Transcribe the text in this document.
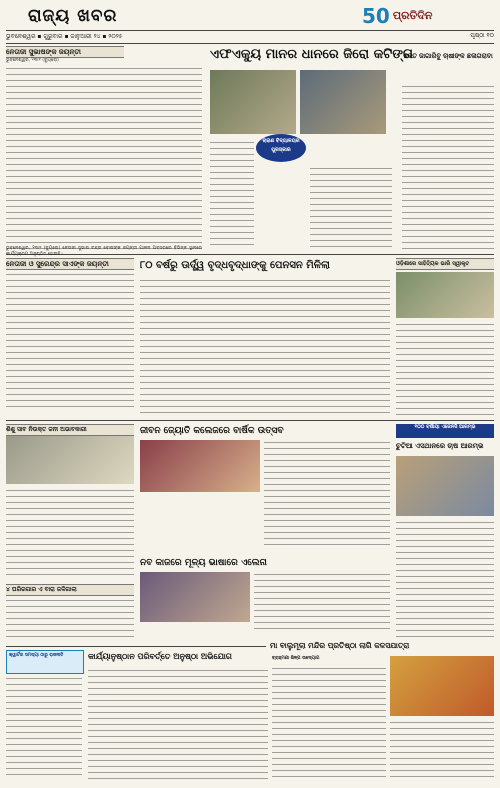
ରାଜ୍ୟ ଖବର	50 ପ୍ରତିଦିନ
ଭୁବନେଶ୍ୱର ▪ ଗୁରୁବାର ▪ ଜାନୁଆରୀ ୨୪ ▪ ୨୦୨୫	ପୃଷ୍ଠା ୧୦
ନେତାଜୀ ସୁଭାଷଙ୍କ ଜୟନ୍ତୀ
ଭୁବନେଶ୍ୱର, ୨୩ା୧ (ବ୍ୟୁରୋ)	ଏଫଏକ୍ୟୁ ମାନର ଧାନରେ ଜିରୋ କଟିଙ୍ଗ
ଚାରାଣ ବିଦ୍ୟାଳୟର ପୁରସ୍କାର
ଜବତ ଜାଗାରିବୁ ଚାଷୀଙ୍କ ଛଳାଗରାବା
ନେତାଜୀ ଓ ସୁରେନ୍ଦ୍ର ସାଏଙ୍କ ଜୟନ୍ତୀ	୮୦ ବର୍ଷରୁ ଊର୍ଦ୍ଧ୍ୱ ବୃଦ୍ଧବୃଦ୍ଧାଙ୍କୁ ପେନସନ ମିଳିଲା	ଓଡ଼ିଶାରେ ସାହିତ୍ୟିକ ଭାରି ସ୍ୱୀକୃତ
ଜୀବନ ଜ୍ୟୋତି କଲେଜରେ ବାର୍ଷିକ ଉତ୍ସବ
ଶିଶୁ ସାବ ନିଉକ୍ତ ଜନୀ ଅଭାବକାରୀ	୧୦୦ ବର୍ଷୀୟା ଏଜେନସି ଆରମ୍ଭ
ଚୁଟିଆ ଏସଥାନରେ ଚାଷ ଆରମ୍ଭ
ନବ କାଜରେ ମୂଳ୍ୟ ଭାଷାରେ ଏଲେନା
୪ ଘରିରଗାର ଏ ବାରା ଜଳିଗାଲା
ମା ବାଲୁମୂଲା ମନ୍ଦିର ପ୍ରତିଷ୍ଠା ଲାଗି କଳସଯାତ୍ରା
କ୍ୱାର୍ଟର ସମସ୍ୟା ଠାରୁ ରାଜନୀତି	କାର୍ଯ୍ୟାନୁଷ୍ଠାନ ପରିବର୍ତ୍ତେ ଅନୁଷ୍ଠା ଅଭିଯୋଗ	ବ୍ରାହ୍ମଣୀ ଶିଳ୍ପ ଉଦ୍ୟୋଗ
ଭୁବନେଶ୍ୱର, ୨୩ା୧ (ବ୍ୟୁରୋ) ନେତାଜୀ ସୁଭାଷ ଚନ୍ଦ୍ର ବୋଷଙ୍କ ଜୟନ୍ତୀ ପାଳନ ଅବସରରେ ବିଭିନ୍ନ ସ୍ଥାନରେ କାର୍ଯ୍ୟକ୍ରମ ଅନୁଷ୍ଠିତ ହୋଇଛି।
